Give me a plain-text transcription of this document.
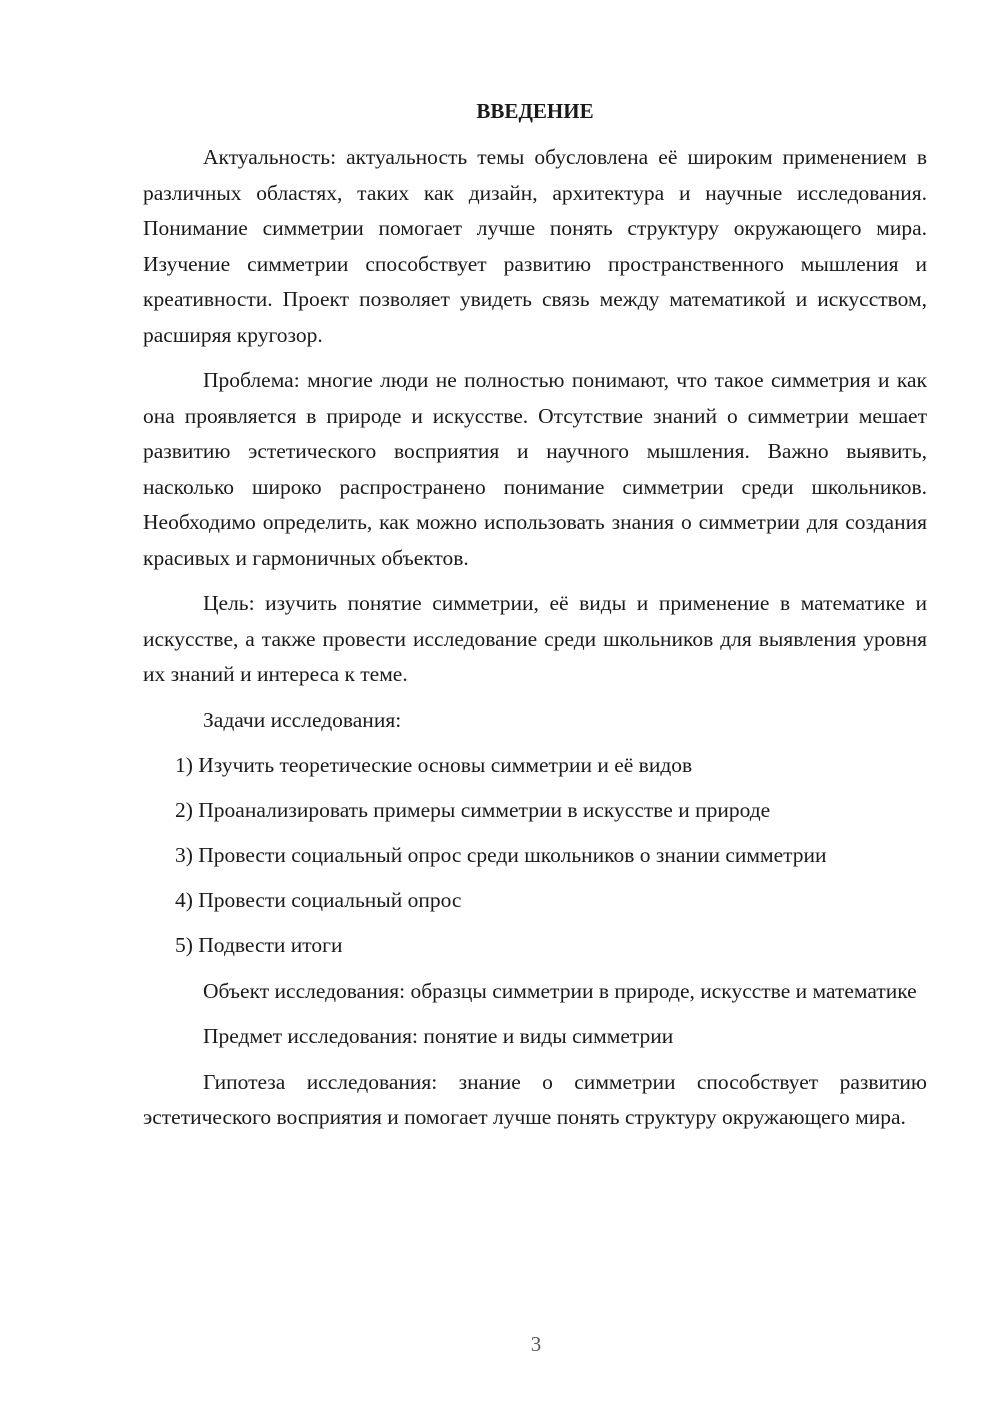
ВВЕДЕНИЕ

Актуальность: актуальность темы обусловлена её широким применением в различных областях, таких как дизайн, архитектура и научные исследования. Понимание симметрии помогает лучше понять структуру окружающего мира. Изучение симметрии способствует развитию пространственного мышления и креативности. Проект позволяет увидеть связь между математикой и искусством, расширяя кругозор.

Проблема: многие люди не полностью понимают, что такое симметрия и как она проявляется в природе и искусстве. Отсутствие знаний о симметрии мешает развитию эстетического восприятия и научного мышления. Важно выявить, насколько широко распространено понимание симметрии среди школьников. Необходимо определить, как можно использовать знания о симметрии для создания красивых и гармоничных объектов.

Цель: изучить понятие симметрии, её виды и применение в математике и искусстве, а также провести исследование среди школьников для выявления уровня их знаний и интереса к теме.

Задачи исследования:

1) Изучить теоретические основы симметрии и её видов
2) Проанализировать примеры симметрии в искусстве и природе
3) Провести социальный опрос среди школьников о знании симметрии
4) Провести социальный опрос
5) Подвести итоги

Объект исследования: образцы симметрии в природе, искусстве и математике

Предмет исследования: понятие и виды симметрии

Гипотеза исследования: знание о симметрии способствует развитию эстетического восприятия и помогает лучше понять структуру окружающего мира.

3
